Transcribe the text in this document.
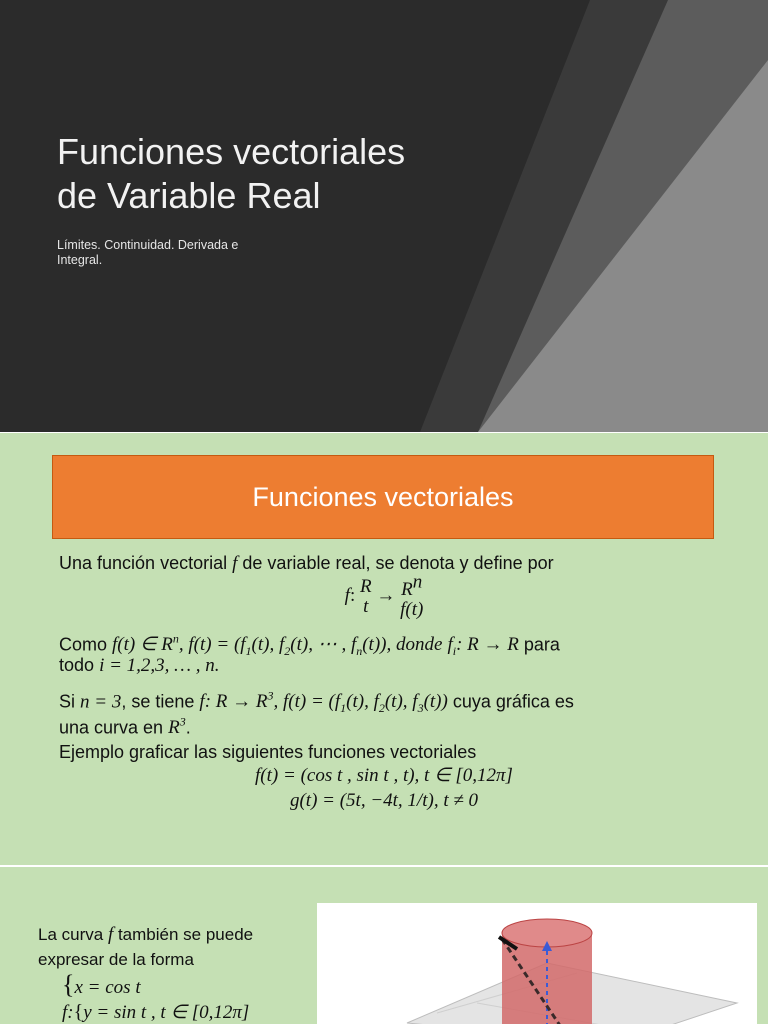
Funciones vectoriales
de Variable Real
Límites. Continuidad. Derivada e
Integral.
Funciones vectoriales
Una función vectorial f de variable real, se denota y define por
f: R
$t \to R^n$
f(t)
Como f(t) ∈ $R^n$, $f(t) = (f_1(t)$, $f_2(t)$, ⋯ , $f_n(t)$), donde $f_i$: R → R para
todo i = 1,2,3, … , n.
Si n = 3, se tiene f: $R \to R^3$, $f(t) = (f_1(t)$, $f_2(t)$, $f_3(t)$) cuya gráfica es
una curva en $R^3$.
Ejemplo graficar las siguientes funciones vectoriales
f(t) = (cos t , sin t , t), t ∈ [0,12π]
g(t) = (5t, −4t, 1/t), t ≠ 0
La curva f también se puede
expresar de la forma
{x = cos t
f:{y = sin t , t ∈ [0,12π]
